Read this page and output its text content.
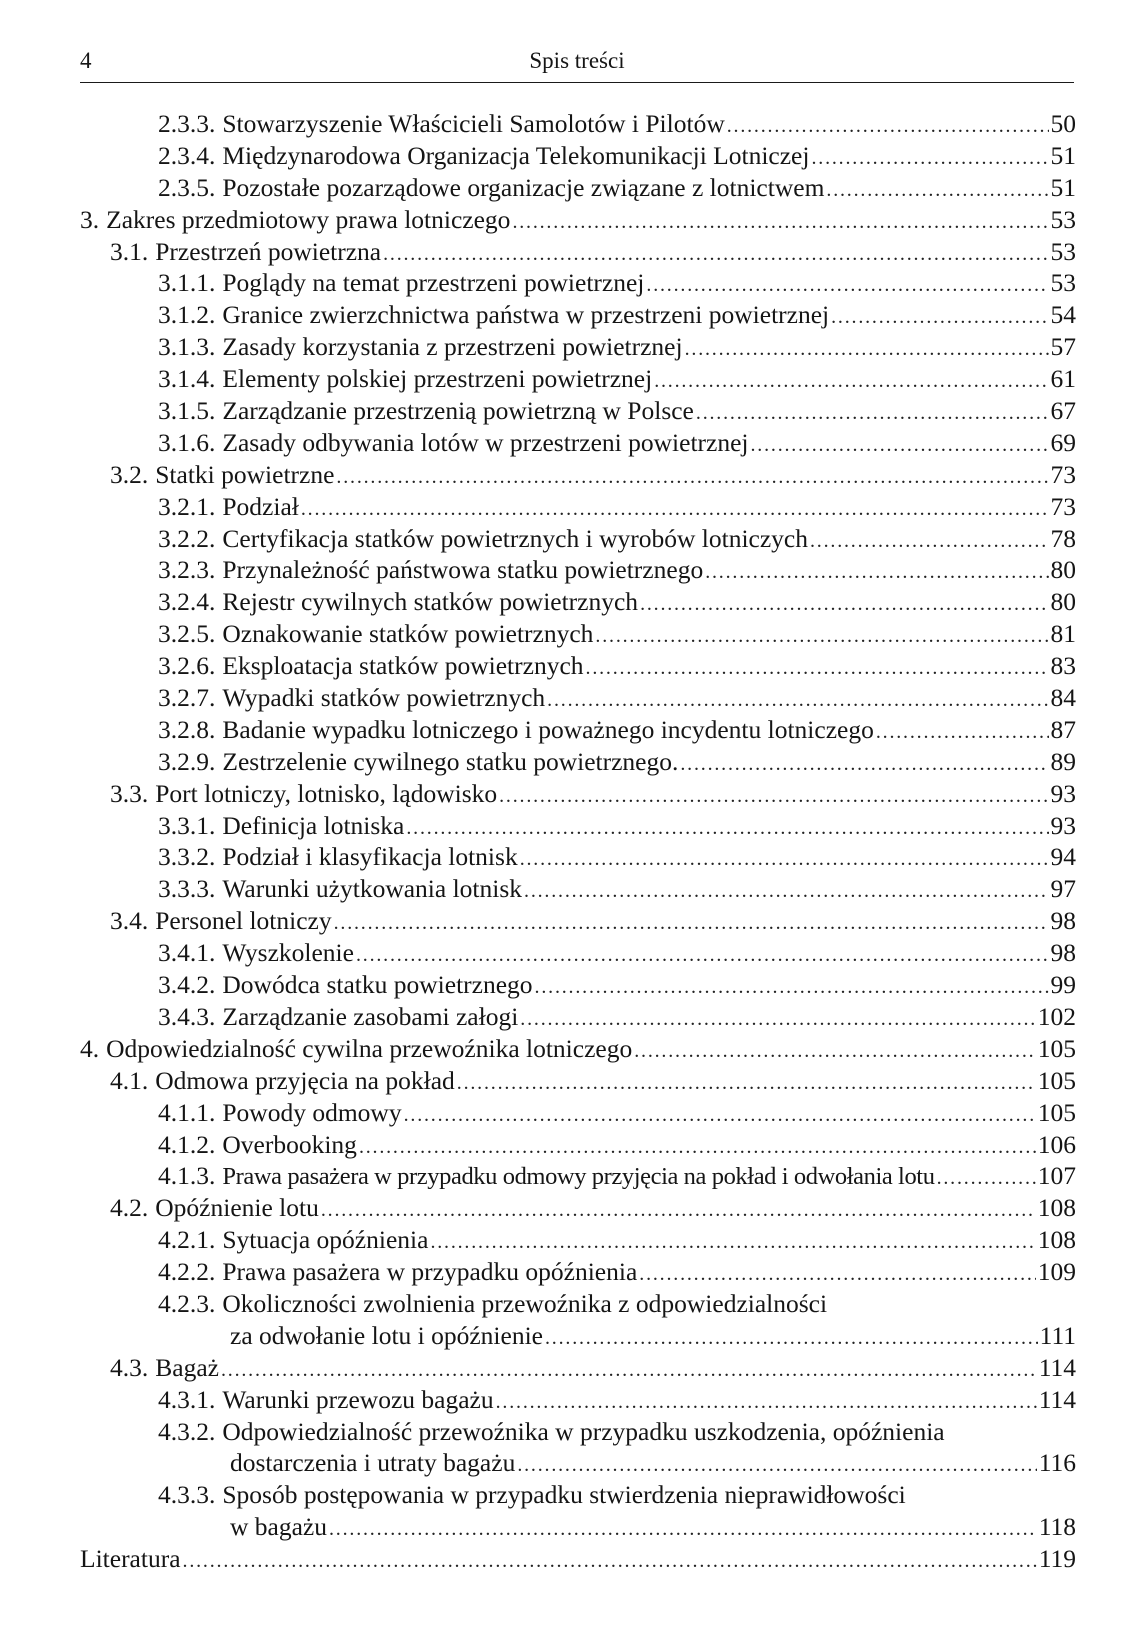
4	Spis treści
2.3.3. Stowarzyszenie Właścicieli Samolotów i Pilotów .....	50
2.3.4. Międzynarodowa Organizacja Telekomunikacji Lotniczej .....	51
2.3.5. Pozostałe pozarządowe organizacje związane z lotnictwem .....	51
3. Zakres przedmiotowy prawa lotniczego .....	53
3.1. Przestrzeń powietrzna .....	53
3.1.1. Poglądy na temat przestrzeni powietrznej .....	53
3.1.2. Granice zwierzchnictwa państwa w przestrzeni powietrznej .....	54
3.1.3. Zasady korzystania z przestrzeni powietrznej .....	57
3.1.4. Elementy polskiej przestrzeni powietrznej .....	61
3.1.5. Zarządzanie przestrzenią powietrzną w Polsce .....	67
3.1.6. Zasady odbywania lotów w przestrzeni powietrznej .....	69
3.2. Statki powietrzne .....	73
3.2.1. Podział .....	73
3.2.2. Certyfikacja statków powietrznych i wyrobów lotniczych .....	78
3.2.3. Przynależność państwowa statku powietrznego .....	80
3.2.4. Rejestr cywilnych statków powietrznych .....	80
3.2.5. Oznakowanie statków powietrznych .....	81
3.2.6. Eksploatacja statków powietrznych .....	83
3.2.7. Wypadki statków powietrznych .....	84
3.2.8. Badanie wypadku lotniczego i poważnego incydentu lotniczego .....	87
3.2.9. Zestrzelenie cywilnego statku powietrznego. .....	89
3.3. Port lotniczy, lotnisko, lądowisko .....	93
3.3.1. Definicja lotniska .....	93
3.3.2. Podział i klasyfikacja lotnisk .....	94
3.3.3. Warunki użytkowania lotnisk .....	97
3.4. Personel lotniczy .....	98
3.4.1. Wyszkolenie .....	98
3.4.2. Dowódca statku powietrznego .....	99
3.4.3. Zarządzanie zasobami załogi .....	102
4. Odpowiedzialność cywilna przewoźnika lotniczego .....	105
4.1. Odmowa przyjęcia na pokład .....	105
4.1.1. Powody odmowy .....	105
4.1.2. Overbooking .....	106
4.1.3. Prawa pasażera w przypadku odmowy przyjęcia na pokład i odwołania lotu .....	107
4.2. Opóźnienie lotu .....	108
4.2.1. Sytuacja opóźnienia .....	108
4.2.2. Prawa pasażera w przypadku opóźnienia .....	109
4.2.3. Okoliczności zwolnienia przewoźnika z odpowiedzialności
za odwołanie lotu i opóźnienie .....	111
4.3. Bagaż .....	114
4.3.1. Warunki przewozu bagażu .....	114
4.3.2. Odpowiedzialność przewoźnika w przypadku uszkodzenia, opóźnienia
dostarczenia i utraty bagażu .....	116
4.3.3. Sposób postępowania w przypadku stwierdzenia nieprawidłowości
w bagażu .....	118
Literatura .....	119
